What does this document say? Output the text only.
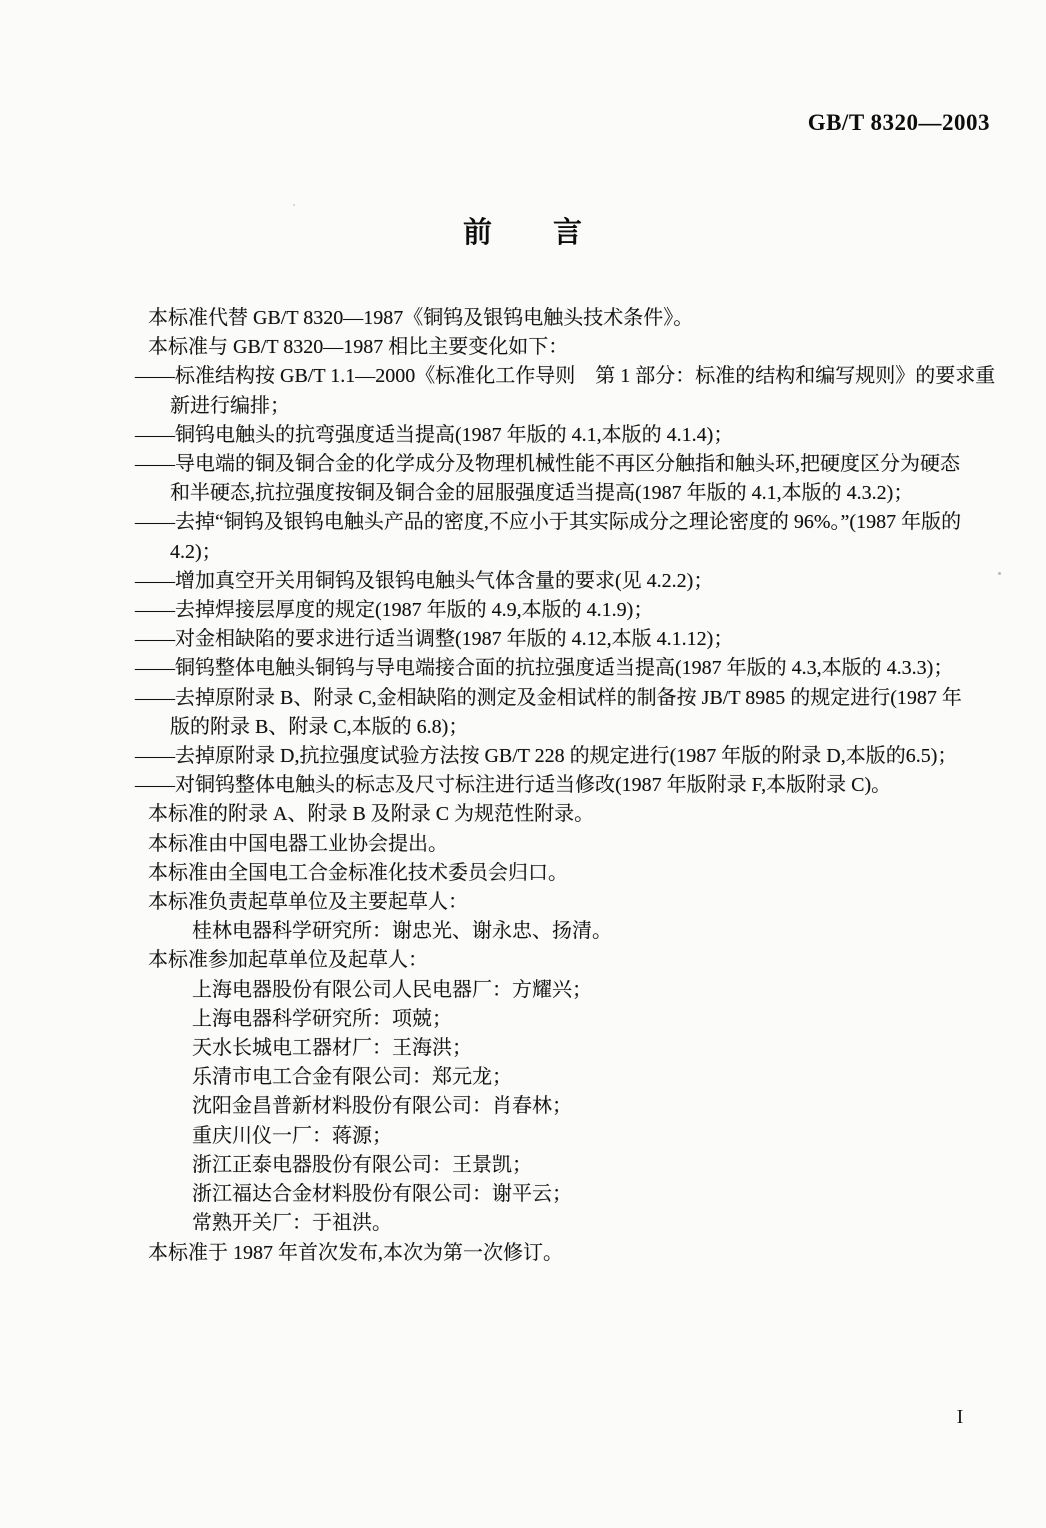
GB/T 8320—2003
前　　言
本标准代替 GB/T 8320—1987《铜钨及银钨电触头技术条件》。
本标准与 GB/T 8320—1987 相比主要变化如下：
——标准结构按 GB/T 1.1—2000《标准化工作导则　第 1 部分：标准的结构和编写规则》的要求重
新进行编排；
——铜钨电触头的抗弯强度适当提高(1987 年版的 4.1,本版的 4.1.4)；
——导电端的铜及铜合金的化学成分及物理机械性能不再区分触指和触头环,把硬度区分为硬态
和半硬态,抗拉强度按铜及铜合金的屈服强度适当提高(1987 年版的 4.1,本版的 4.3.2)；
——去掉“铜钨及银钨电触头产品的密度,不应小于其实际成分之理论密度的 96%。”(1987 年版的
4.2)；
——增加真空开关用铜钨及银钨电触头气体含量的要求(见 4.2.2)；
——去掉焊接层厚度的规定(1987 年版的 4.9,本版的 4.1.9)；
——对金相缺陷的要求进行适当调整(1987 年版的 4.12,本版 4.1.12)；
——铜钨整体电触头铜钨与导电端接合面的抗拉强度适当提高(1987 年版的 4.3,本版的 4.3.3)；
——去掉原附录 B、附录 C,金相缺陷的测定及金相试样的制备按 JB/T 8985 的规定进行(1987 年
版的附录 B、附录 C,本版的 6.8)；
——去掉原附录 D,抗拉强度试验方法按 GB/T 228 的规定进行(1987 年版的附录 D,本版的6.5)；
——对铜钨整体电触头的标志及尺寸标注进行适当修改(1987 年版附录 F,本版附录 C)。
本标准的附录 A、附录 B 及附录 C 为规范性附录。
本标准由中国电器工业协会提出。
本标准由全国电工合金标准化技术委员会归口。
本标准负责起草单位及主要起草人：
桂林电器科学研究所：谢忠光、谢永忠、扬清。
本标准参加起草单位及起草人：
上海电器股份有限公司人民电器厂：方耀兴；
上海电器科学研究所：项兢；
天水长城电工器材厂：王海洪；
乐清市电工合金有限公司：郑元龙；
沈阳金昌普新材料股份有限公司：肖春林；
重庆川仪一厂：蒋源；
浙江正泰电器股份有限公司：王景凯；
浙江福达合金材料股份有限公司：谢平云；
常熟开关厂：于祖洪。
本标准于 1987 年首次发布,本次为第一次修订。
I
